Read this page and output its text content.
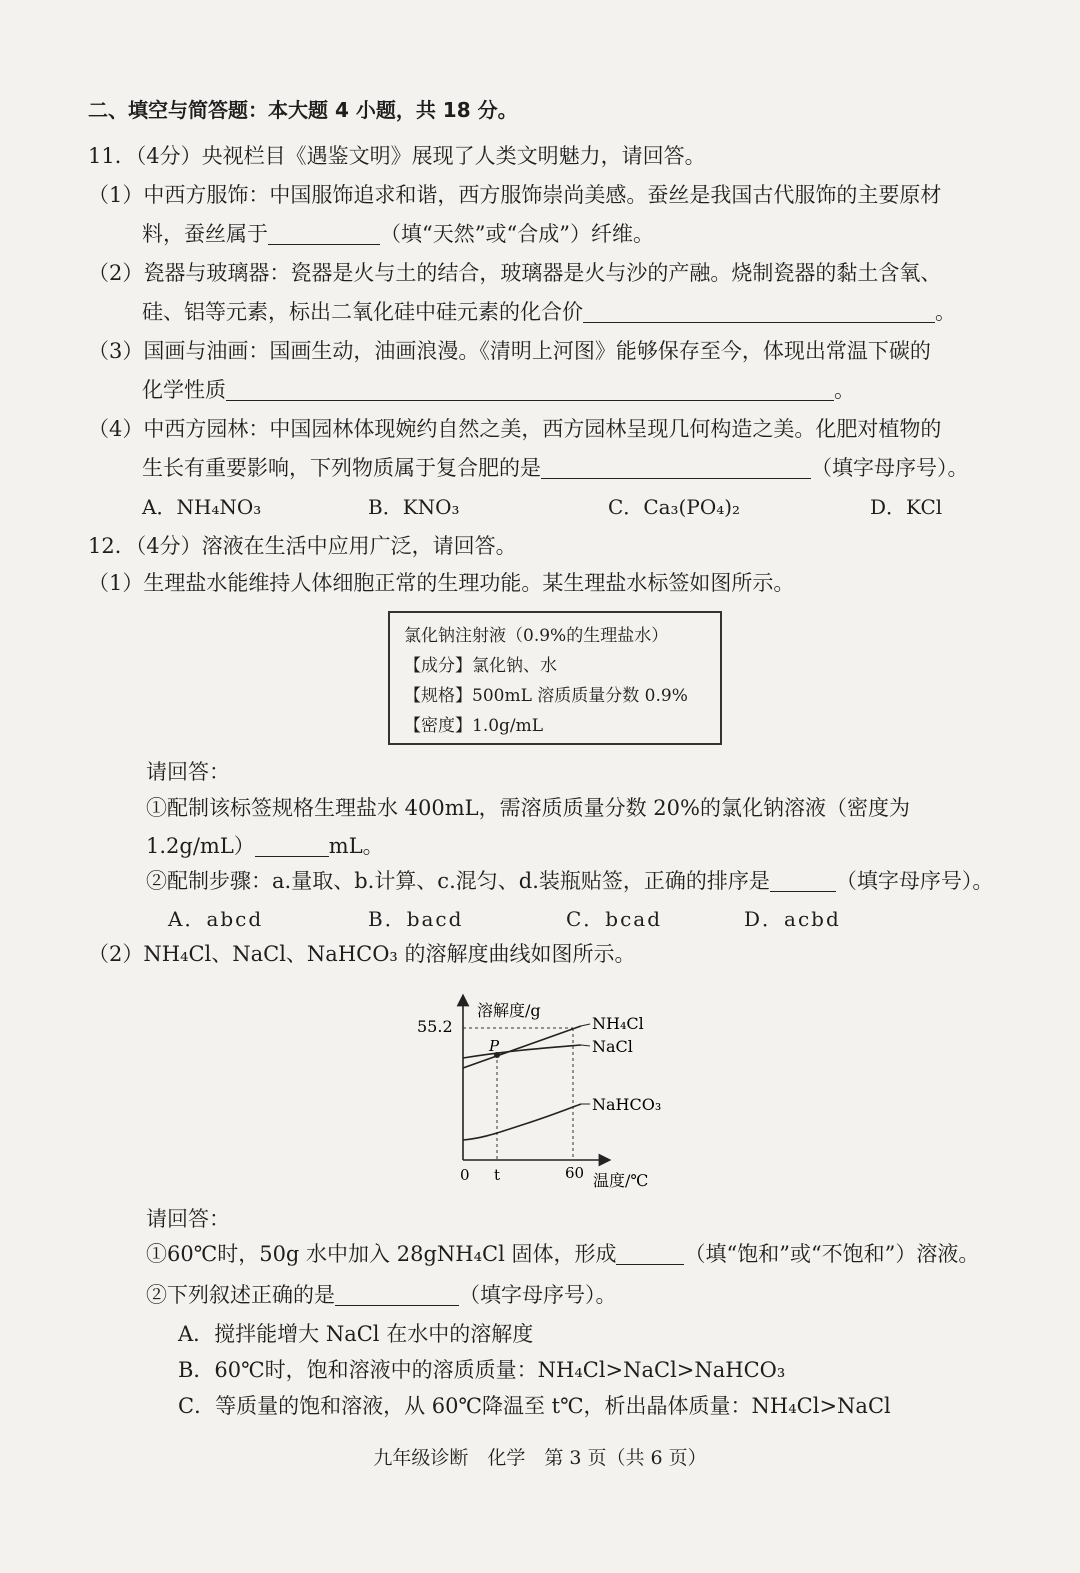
二、填空与简答题：本大题 4 小题，共 18 分。
11．（4分）央视栏目《遇鉴文明》展现了人类文明魅力，请回答。
（1）中西方服饰：中国服饰追求和谐，西方服饰崇尚美感。蚕丝是我国古代服饰的主要原材
料，蚕丝属于	（填“天然”或“合成”）纤维。
（2）瓷器与玻璃器：瓷器是火与土的结合，玻璃器是火与沙的产融。烧制瓷器的黏土含氧、
硅、铝等元素，标出二氧化硅中硅元素的化合价	。
（3）国画与油画：国画生动，油画浪漫。《清明上河图》能够保存至今，体现出常温下碳的
化学性质	。
（4）中西方园林：中国园林体现婉约自然之美，西方园林呈现几何构造之美。化肥对植物的
生长有重要影响，下列物质属于复合肥的是	（填字母序号）。
A．NH₄NO₃	B．KNO₃	C．Ca₃(PO₄)₂	D．KCl
12．（4分）溶液在生活中应用广泛，请回答。
（1）生理盐水能维持人体细胞正常的生理功能。某生理盐水标签如图所示。
氯化钠注射液（0.9%的生理盐水）
【成分】氯化钠、水
【规格】500mL 溶质质量分数 0.9%
【密度】1.0g/mL
请回答：
①配制该标签规格生理盐水 400mL，需溶质质量分数 20%的氯化钠溶液（密度为
1.2g/mL）	mL。
②配制步骤：a.量取、b.计算、c.混匀、d.装瓶贴签，正确的排序是	（填字母序号）。
A．abcd	B．bacd	C．bcad	D．acbd
（2）NH₄Cl、NaCl、NaHCO₃ 的溶解度曲线如图所示。
溶解度/g
55.2
0 t	60 温度/℃
P
NH₄Cl
NaCl
NaHCO₃
请回答：
①60℃时，50g 水中加入 28gNH₄Cl 固体，形成	（填“饱和”或“不饱和”）溶液。
②下列叙述正确的是	（填字母序号）。
A．搅拌能增大 NaCl 在水中的溶解度
B．60℃时，饱和溶液中的溶质质量：NH₄Cl>NaCl>NaHCO₃
C．等质量的饱和溶液，从 60℃降温至 t℃，析出晶体质量：NH₄Cl>NaCl
九年级诊断　化学　第 3 页（共 6 页）
